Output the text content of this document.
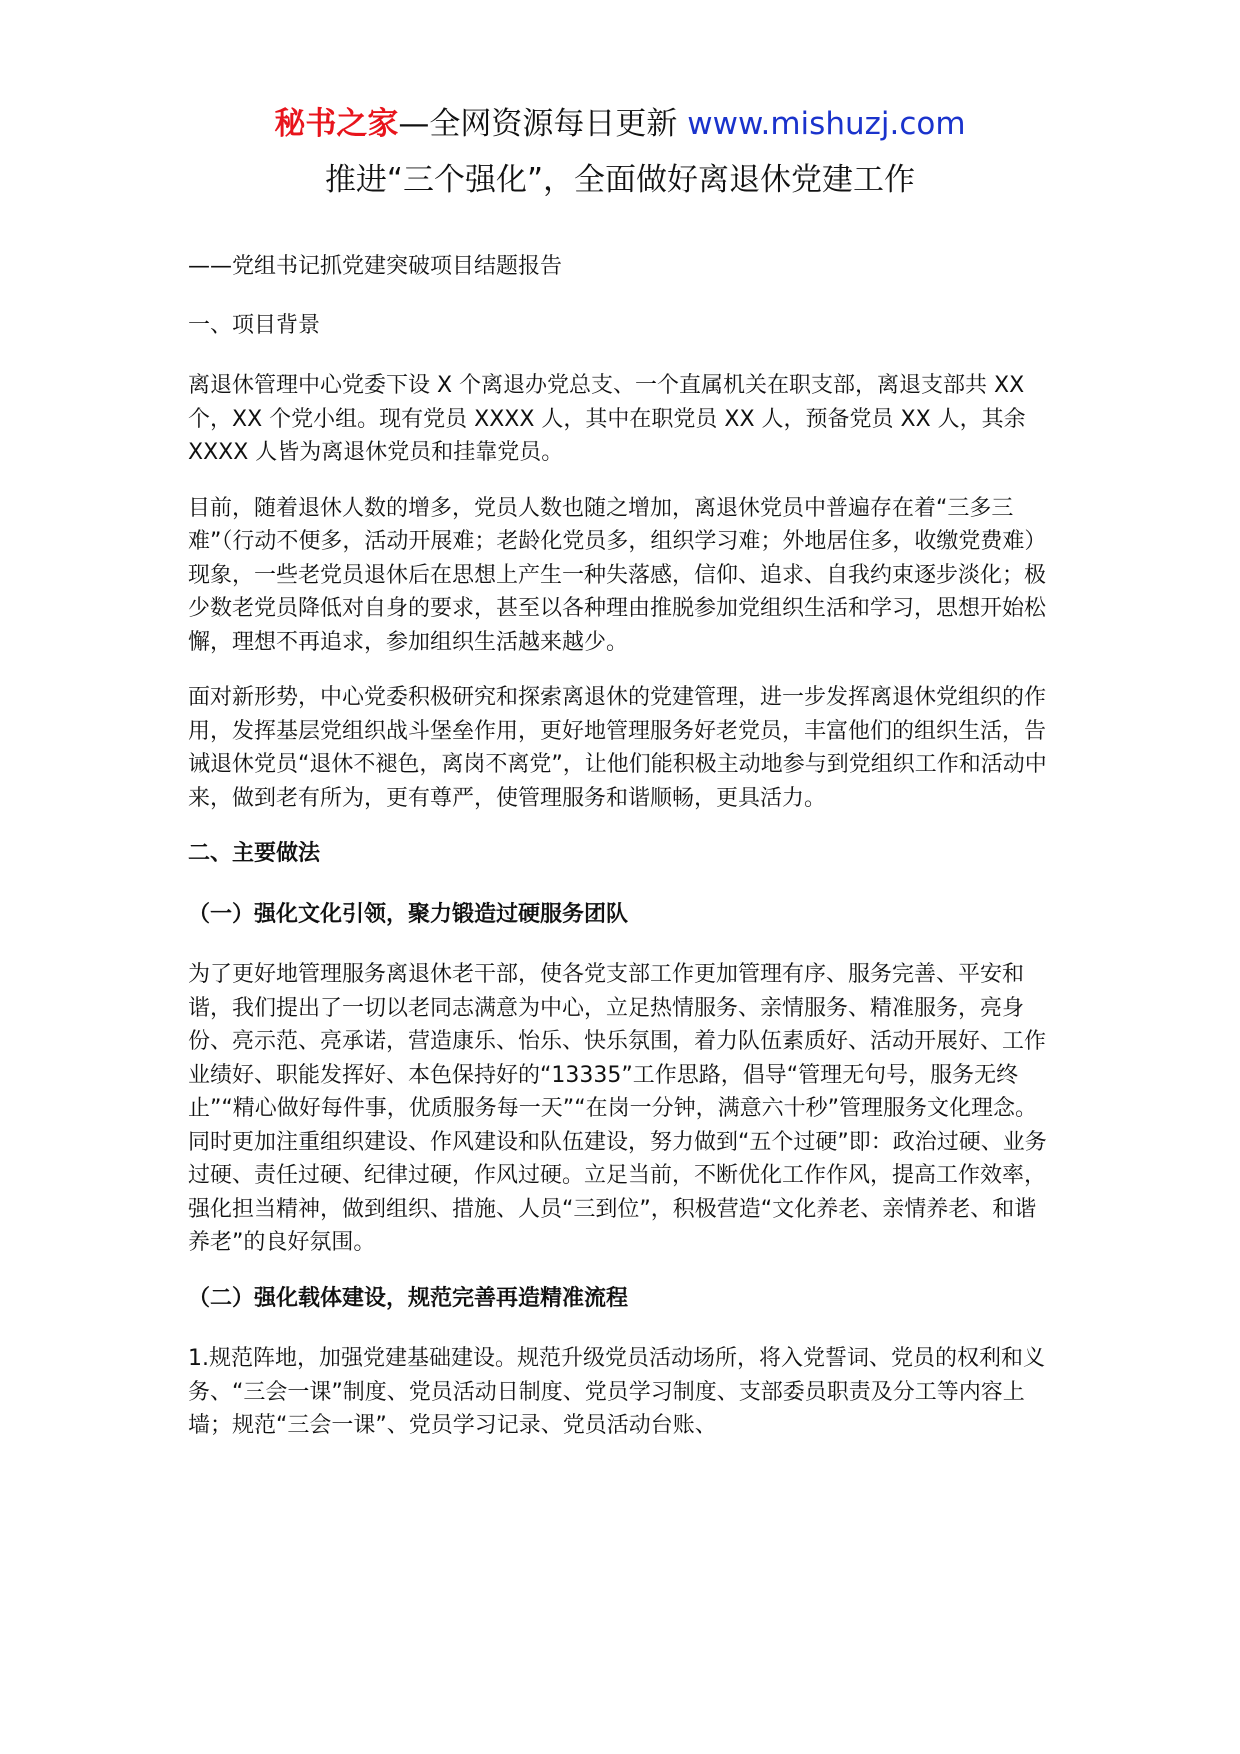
秘书之家—全网资源每日更新 www.mishuzj.com
推进“三个强化”，全面做好离退休党建工作

——党组书记抓党建突破项目结题报告

一、项目背景

离退休管理中心党委下设 X 个离退办党总支、一个直属机关在职支部，离退支部共 XX 个，XX 个党小组。现有党员 XXXX 人，其中在职党员 XX 人，预备党员 XX 人，其余 XXXX 人皆为离退休党员和挂靠党员。

目前，随着退休人数的增多，党员人数也随之增加，离退休党员中普遍存在着“三多三难”（行动不便多，活动开展难；老龄化党员多，组织学习难；外地居住多，收缴党费难）现象，一些老党员退休后在思想上产生一种失落感，信仰、追求、自我约束逐步淡化；极少数老党员降低对自身的要求，甚至以各种理由推脱参加党组织生活和学习，思想开始松懈，理想不再追求，参加组织生活越来越少。

面对新形势，中心党委积极研究和探索离退休的党建管理，进一步发挥离退休党组织的作用，发挥基层党组织战斗堡垒作用，更好地管理服务好老党员，丰富他们的组织生活，告诫退休党员“退休不褪色，离岗不离党”，让他们能积极主动地参与到党组织工作和活动中来，做到老有所为，更有尊严，使管理服务和谐顺畅，更具活力。

二、主要做法
（一）强化文化引领，聚力锻造过硬服务团队

为了更好地管理服务离退休老干部，使各党支部工作更加管理有序、服务完善、平安和谐，我们提出了一切以老同志满意为中心，立足热情服务、亲情服务、精准服务，亮身份、亮示范、亮承诺，营造康乐、怡乐、快乐氛围，着力队伍素质好、活动开展好、工作业绩好、职能发挥好、本色保持好的“13335”工作思路，倡导“管理无句号，服务无终止”“精心做好每件事，优质服务每一天”“在岗一分钟，满意六十秒”管理服务文化理念。同时更加注重组织建设、作风建设和队伍建设，努力做到“五个过硬”即：政治过硬、业务过硬、责任过硬、纪律过硬，作风过硬。立足当前，不断优化工作作风，提高工作效率，强化担当精神，做到组织、措施、人员“三到位”，积极营造“文化养老、亲情养老、和谐养老”的良好氛围。

（二）强化载体建设，规范完善再造精准流程

1.规范阵地，加强党建基础建设。规范升级党员活动场所，将入党誓词、党员的权利和义务、“三会一课”制度、党员活动日制度、党员学习制度、支部委员职责及分工等内容上墙；规范“三会一课”、党员学习记录、党员活动台账、
